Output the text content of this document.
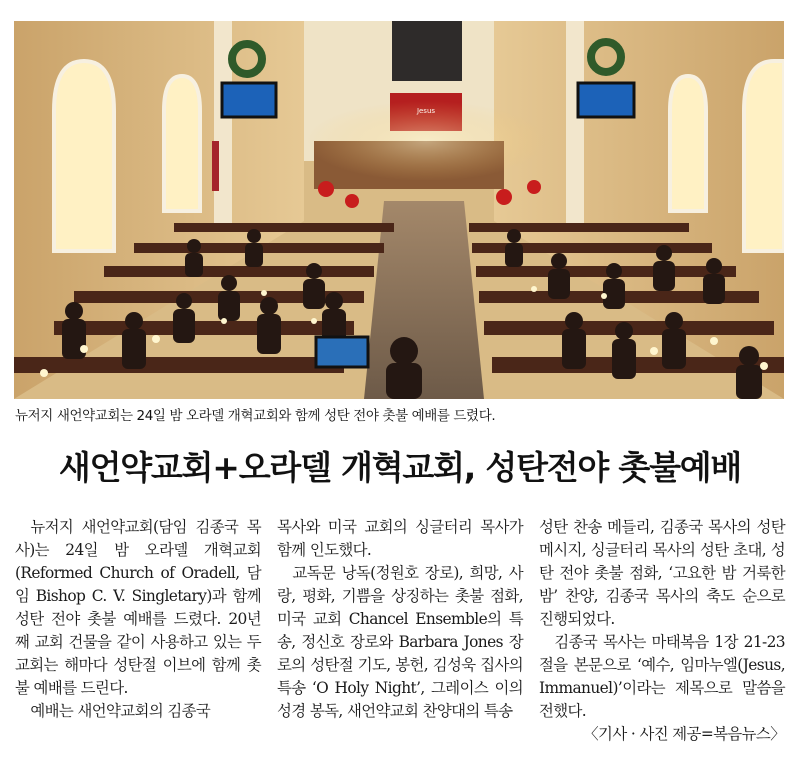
뉴저지 새언약교회는 24일 밤 오라델 개혁교회와 함께 성탄 전야 촛불 예배를 드렸다.
새언약교회+오라델 개혁교회, 성탄전야 촛불예배

뉴저지 새언약교회(담임 김종국 목사)는 24일 밤 오라델 개혁교회(Reformed Church of Oradell, 담임 Bishop C. V. Singletary)과 함께 성탄 전야 촛불 예배를 드렸다. 20년 째 교회 건물을 같이 사용하고 있는 두 교회는 해마다 성탄절 이브에 함께 촛불 예배를 드린다.

예배는 새언약교회의 김종국

목사와 미국 교회의 싱글터리 목사가 함께 인도했다.

교독문 낭독(정원호 장로), 희망, 사랑, 평화, 기쁨을 상징하는 촛불 점화, 미국 교회 Chancel Ensemble의 특송, 정신호 장로와 Barbara Jones 장로의 성탄절 기도, 봉헌, 김성욱 집사의 특송 ‘O Holy Night’, 그레이스 이의 성경 봉독, 새언약교회 찬양대의 특송

성탄 찬송 메들리, 김종국 목사의 성탄 메시지, 싱글터리 목사의 성탄 초대, 성탄 전야 촛불 점화, ‘고요한 밤 거룩한 밤’ 찬양, 김종국 목사의 축도 순으로 진행되었다.

김종국 목사는 마태복음 1장 21-23절을 본문으로 ‘예수, 임마누엘(Jesus, Immanuel)’이라는 제목으로 말씀을 전했다.

〈기사 · 사진 제공=복음뉴스〉
